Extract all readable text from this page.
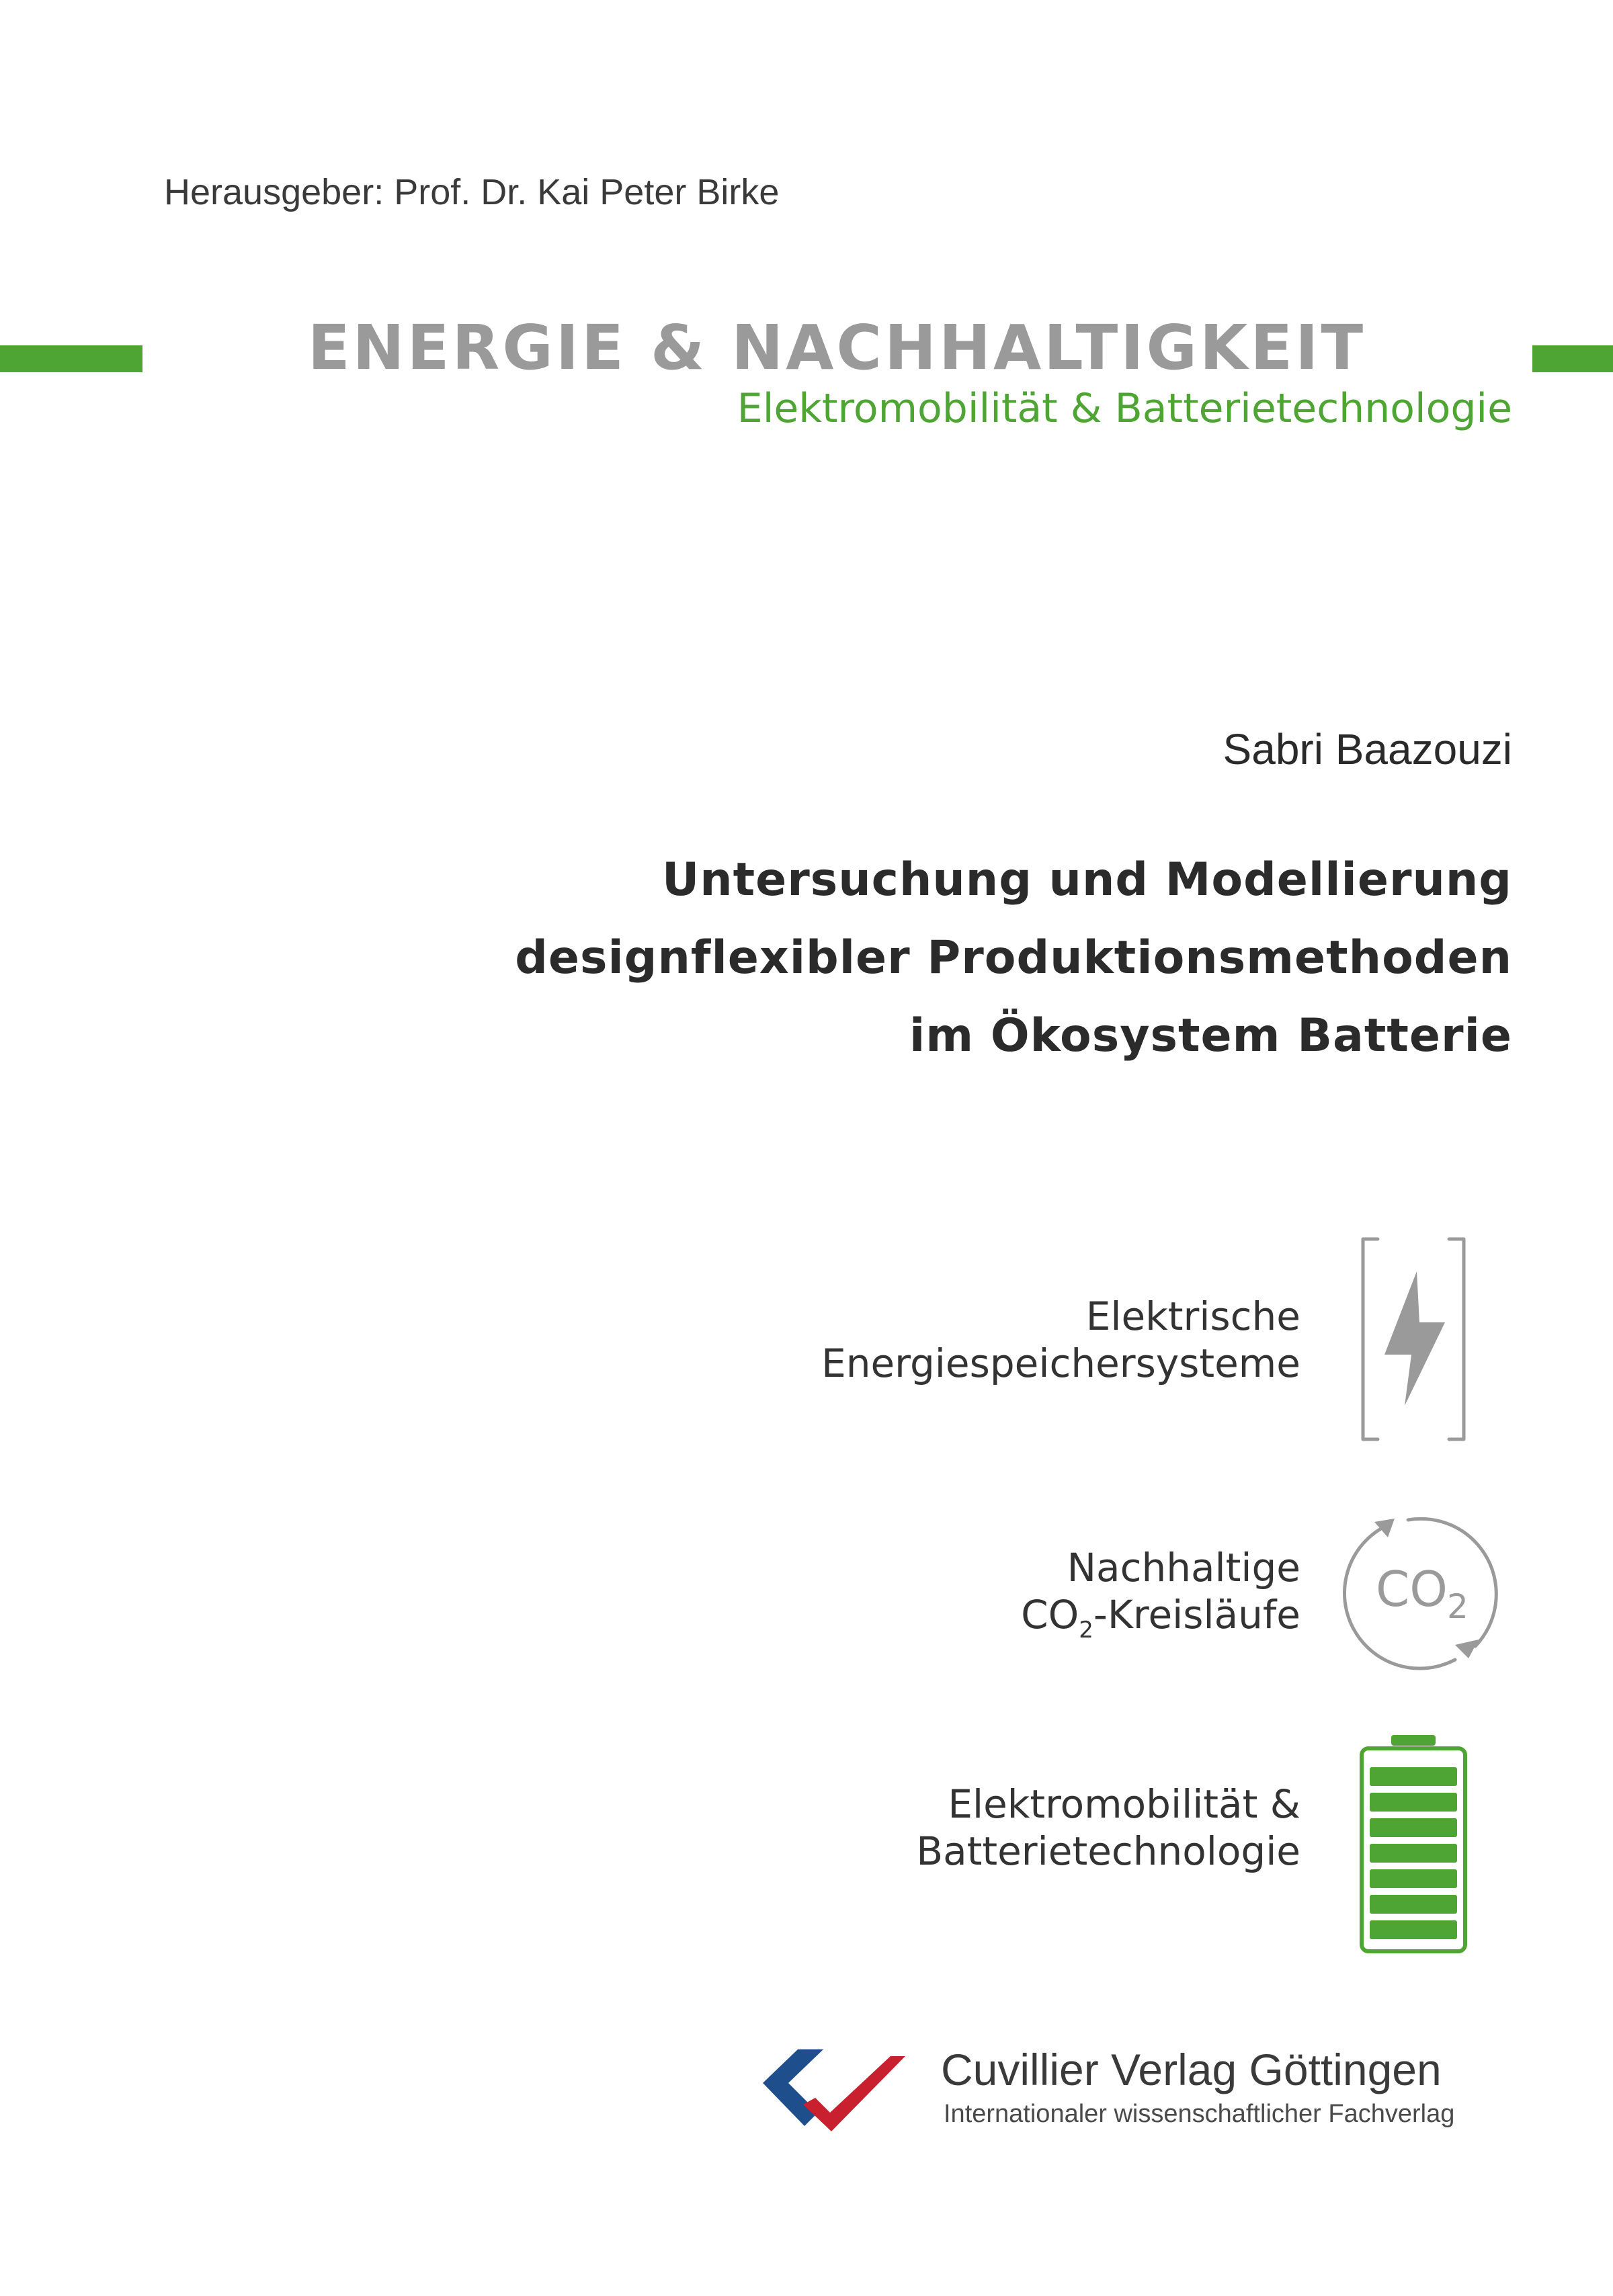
Herausgeber: Prof. Dr. Kai Peter Birke
ENERGIE & NACHHALTIGKEIT
Elektromobilität & Batterietechnologie
Sabri Baazouzi
Untersuchung und Modellierung
designflexibler Produktionsmethoden
im Ökosystem Batterie
Elektrische
Energiespeichersysteme
Nachhaltige
$CO_2$-Kreisläufe CO 2
Elektromobilität &
Batterietechnologie
Cuvillier Verlag Göttingen
Internationaler wissenschaftlicher Fachverlag
